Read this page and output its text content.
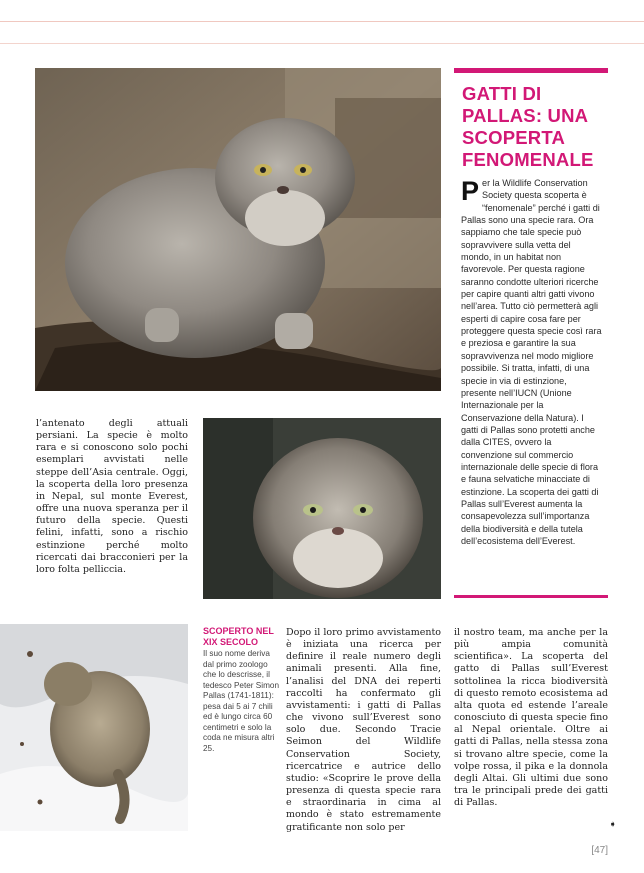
GATTI DI PALLAS: UNA SCOPERTA FENOMENALE
Per la Wildlife Conservation Society questa scoperta è “fenomenale” perché i gatti di Pallas sono una specie rara. Ora sappiamo che tale specie può sopravvivere sulla vetta del mondo, in un habitat non favorevole. Per questa ragione saranno condotte ulteriori ricerche per capire quanti altri gatti vivono nell’area. Tutto ciò permetterà agli esperti di capire cosa fare per proteggere questa specie così rara e preziosa e garantire la sua sopravvivenza nel modo migliore possibile. Si tratta, infatti, di una specie in via di estinzione, presente nell’IUCN (Unione Internazionale per la Conservazione della Natura). I gatti di Pallas sono protetti anche dalla CITES, ovvero la convenzione sul commercio internazionale delle specie di flora e fauna selvatiche minacciate di estinzione. La scoperta dei gatti di Pallas sull’Everest aumenta la consapevolezza sull’importanza della biodiversità e della tutela dell’ecosistema dell’Everest.
l’antenato degli attuali persiani. La specie è molto rara e si conoscono solo pochi esemplari avvistati nelle steppe dell’Asia centrale. Oggi, la scoperta della loro presenza in Nepal, sul monte Everest, offre una nuova speranza per il futuro della specie. Questi felini, infatti, sono a rischio estinzione perché molto ricercati dai bracconieri per la loro folta pelliccia.
SCOPERTO NEL XIX SECOLO
Il suo nome deriva dal primo zoologo che lo descrisse, il tedesco Peter Simon Pallas (1741-1811): pesa dai 5 ai 7 chili ed è lungo circa 60 centimetri e solo la coda ne misura altri 25.
Dopo il loro primo avvistamento è iniziata una ricerca per definire il reale numero degli animali presenti. Alla fine, l’analisi del DNA dei reperti raccolti ha confermato gli avvistamenti: i gatti di Pallas che vivono sull’Everest sono solo due. Secondo Tracie Seimon del Wildlife Conservation Society, ricercatrice e autrice dello studio: «Scoprire le prove della presenza di questa specie rara e straordinaria in cima al mondo è stato estremamente gratificante non solo per
il nostro team, ma anche per la più ampia comunità scientifica». La scoperta del gatto di Pallas sull’Everest sottolinea la ricca biodiversità di questo remoto ecosistema ad alta quota ed estende l’areale conosciuto di questa specie fino al Nepal orientale. Oltre ai gatti di Pallas, nella stessa zona si trovano altre specie, come la volpe rossa, il pika e la donnola degli Altai. Gli ultimi due sono tra le principali prede dei gatti di Pallas.
➧
[47]
